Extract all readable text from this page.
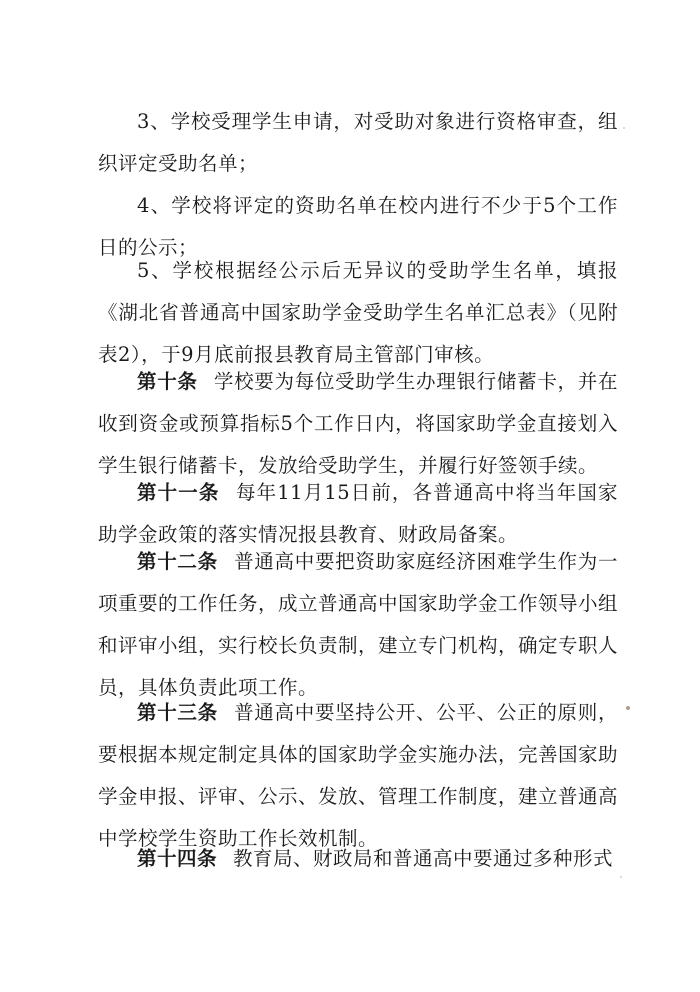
3、学校受理学生申请，对受助对象进行资格审查，组织评定受助名单；

4、学校将评定的资助名单在校内进行不少于5个工作日的公示；

5、学校根据经公示后无异议的受助学生名单，填报《湖北省普通高中国家助学金受助学生名单汇总表》（见附表2），于9月底前报县教育局主管部门审核。

第十条 学校要为每位受助学生办理银行储蓄卡，并在收到资金或预算指标5个工作日内，将国家助学金直接划入学生银行储蓄卡，发放给受助学生，并履行好签领手续。

第十一条 每年11月15日前，各普通高中将当年国家助学金政策的落实情况报县教育、财政局备案。

第十二条 普通高中要把资助家庭经济困难学生作为一项重要的工作任务，成立普通高中国家助学金工作领导小组和评审小组，实行校长负责制，建立专门机构，确定专职人员，具体负责此项工作。

第十三条 普通高中要坚持公开、公平、公正的原则，要根据本规定制定具体的国家助学金实施办法，完善国家助学金申报、评审、公示、发放、管理工作制度，建立普通高中学校学生资助工作长效机制。

第十四条 教育局、财政局和普通高中要通过多种形式
